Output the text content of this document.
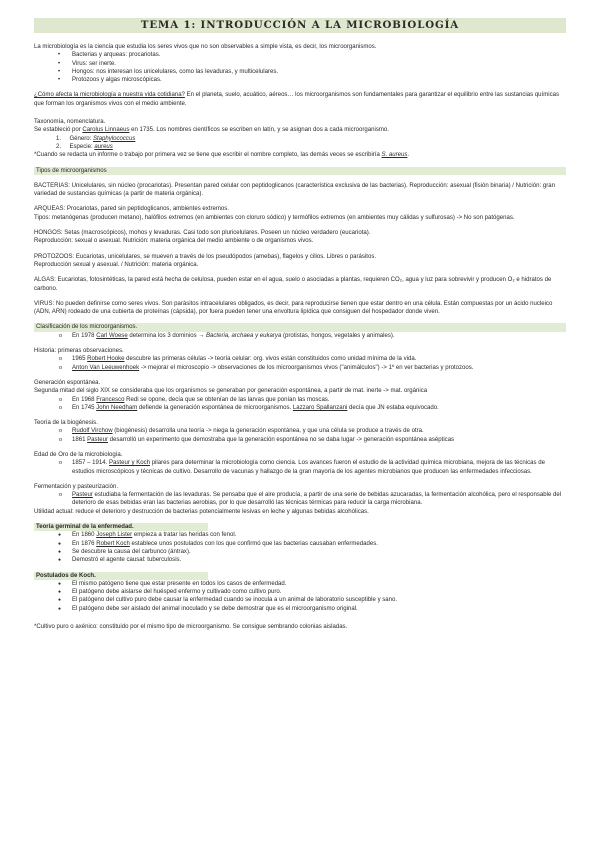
TEMA 1: INTRODUCCIÓN A LA MICROBIOLOGÍA

La microbiología es la ciencia que estudia los seres vivos que no son observables a simple vista, es decir, los microorganismos.

• Bacterias y arqueas: procariotas.
• Virus: ser inerte.
• Hongos: nos interesan los unicelulares, como las levaduras, y multicelulares.
• Protozoos y algas microscópicas.

¿Cómo afecta la microbiología a nuestra vida cotidiana? En el planeta, suelo, acuático, aéreos… los microorganismos son fundamentales para garantizar el equilibrio entre las sustancias químicas que forman los organismos vivos con el medio ambiente.

Taxonomía, nomenclatura.

Se estableció por Carolus Linnaeus en 1735. Los nombres científicos se escriben en latín, y se asignan dos a cada microorganismo.

1.     Género: Staphylococcus
2.     Especie: aureus

*Cuando se redacta un informe o trabajo por primera vez se tiene que escribir el nombre completo, las demás veces se escribiría S. aureus.

Tipos de microorganismos

BACTERIAS: Unicelulares, sin núcleo (procariotas). Presentan pared celular con peptidoglicanos (característica exclusiva de las bacterias). Reproducción: asexual (fisión binaria) / Nutrición: gran variedad de sustancias químicas (a partir de materia orgánica).

ARQUEAS: Procariotas, pared sin peptidoglicanos, ambientes extremos.

Tipos: metanógenas (producen metano), halófilos extremos (en ambientes con cloruro sódico) y termófilos extremos (en ambientes muy cálidas y sulfurosas) -> No son patógenas.

HONGOS: Setas (macroscópicos), mohos y levaduras. Casi todo son pluricelulares. Poseen un núcleo verdadero (eucariota).

Reproducción: sexual o asexual. Nutrición: materia orgánica del medio ambiente o de organismos vivos.

PROTOZOOS: Eucariotas, unicelulares, se mueven a través de los pseudópodos (amebas), flagelos y cilios. Libres o parásitos.

Reproducción sexual y asexual. / Nutrición: materia orgánica.

ALGAS: Eucariotas, fotosintéticas, la pared está hecha de celulosa, pueden estar en el agua, suelo o asociadas a plantas, requieren CO₂, agua y luz para sobrevivir y producen O₂ e hidratos de carbono.

VIRUS: No pueden definirse como seres vivos. Son parásitos intracelulares obligados, es decir, para reproducirse tienen que estar dentro en una célula. Están compuestas por un ácido nucleico (ADN, ARN) rodeado de una cubierta de proteínas (cápsida), por fuera pueden tener una envoltura lipídica que consiguen del hospedador donde viven.

Clasificación de los microorganismos.

o En 1978 Carl Woese determina los 3 dominios → Bacteria, archaea y eukarya (protistas, hongos, vegetales y animales).

Historia: primeras observaciones.

o 1965 Robert Hooke descubre las primeras células -> teoría celular: org. vivos están constituidos como unidad mínima de la vida.
o Anton Van Leeuwenhoek -> mejorar el microscopio -> observaciones de los microorganismos vivos ("animálculos") -> 1º en ver bacterias y protozoos.

Generación espontánea.

Segunda mitad del siglo XIX se consideraba que los organismos se generaban por generación espontánea, a partir de mat. inerte -> mat. orgánica

o En 1968 Francesco Redi se opone, decía que se obtenían de las larvas que ponían las moscas.
o En 1745 John Needham defiende la generación espontánea de microorganismos. Lazzaro Spallanzani decía que JN estaba equivocado.

Teoría de la biogénesis.

o Rudolf Virchow (biogénesis) desarrolla una teoría -> niega la generación espontánea, y que una célula se produce a través de otra.
o 1861 Pasteur desarrolló un experimento que demostraba que la generación espontánea no se daba lugar -> generación espontánea asépticas

Edad de Oro de la microbiología.

o 1857 – 1914. Pasteur y Koch pilares para determinar la microbiología como ciencia. Los avances fueron el estudio de la actividad química microbiana, mejora de las técnicas de estudios microscópicos y técnicas de cultivo. Desarrollo de vacunas y hallazgo de la gran mayoría de los agentes microbianos que producen las enfermedades infecciosas.

Fermentación y pasteurización.

o Pasteur estudiaba la fermentación de las levaduras. Se pensaba que el aire producía, a partir de una serie de bebidas azucaradas, la fermentación alcohólica, pero el responsable del deterioro de esas bebidas eran las bacterias aerobias, por lo que desarrolló las técnicas térmicas para reducir la carga microbiana.

Utilidad actual: reduce el deterioro y destrucción de bacterias potencialmente lesivas en leche y algunas bebidas alcohólicas.

Teoría germinal de la enfermedad.

● En 1860 Joseph Lister empieza a tratar las heridas con fenol.
● En 1876 Robert Koch establece unos postulados con los que confirmó que las bacterias causaban enfermedades.
● Se descubre la causa del carbunco (ántrax).
● Demostró el agente causal: tuberculosis.

Postulados de Koch.

● El mismo patógeno tiene que estar presente en todos los casos de enfermedad.
● El patógeno debe aislarse del huésped enfermo y cultivado como cultivo puro.
● El patógeno del cultivo puro debe causar la enfermedad cuando se inocula a un animal de laboratorio susceptible y sano.
● El patógeno debe ser aislado del animal inoculado y se debe demostrar que es el microorganismo original.

*Cultivo puro o axénico: constituido por el mismo tipo de microorganismo. Se consigue sembrando colonias aisladas.
